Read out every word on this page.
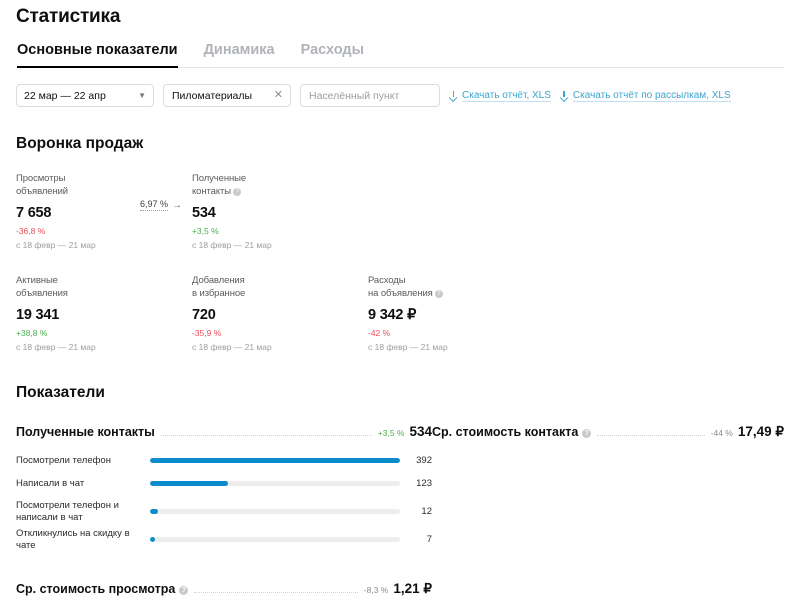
Статистика
Основные показатели Динамика Расходы
22 мар — 22 апр	▼ Пиломатериалы ✕ Населённый пункт	Скачать отчёт, XLS Скачать отчёт по рассылкам, XLS
Воронка продаж
Просмотры
объявлений
7 658
-36,8 %
с 18 февр — 21 мар
6,97 % →
Полученные
контакты ?
534
+3,5 %
с 18 февр — 21 мар
Активные
объявления
19 341
+38,8 %
с 18 февр — 21 мар
Добавления
в избранное
720
-35,9 %
с 18 февр — 21 мар
Расходы
на объявления ?
9 342 ₽
-42 %
с 18 февр — 21 мар
Показатели
Полученные контакты	+3,5 % 534
Посмотрели телефон	392
Написали в чат	123
Посмотрели телефон и написали в чат	12
Откликнулись на скидку в чате	7
Ср. стоимость контакта ?	-44 % 17,49 ₽
Ср. стоимость просмотра ?	-8,3 % 1,21 ₽
